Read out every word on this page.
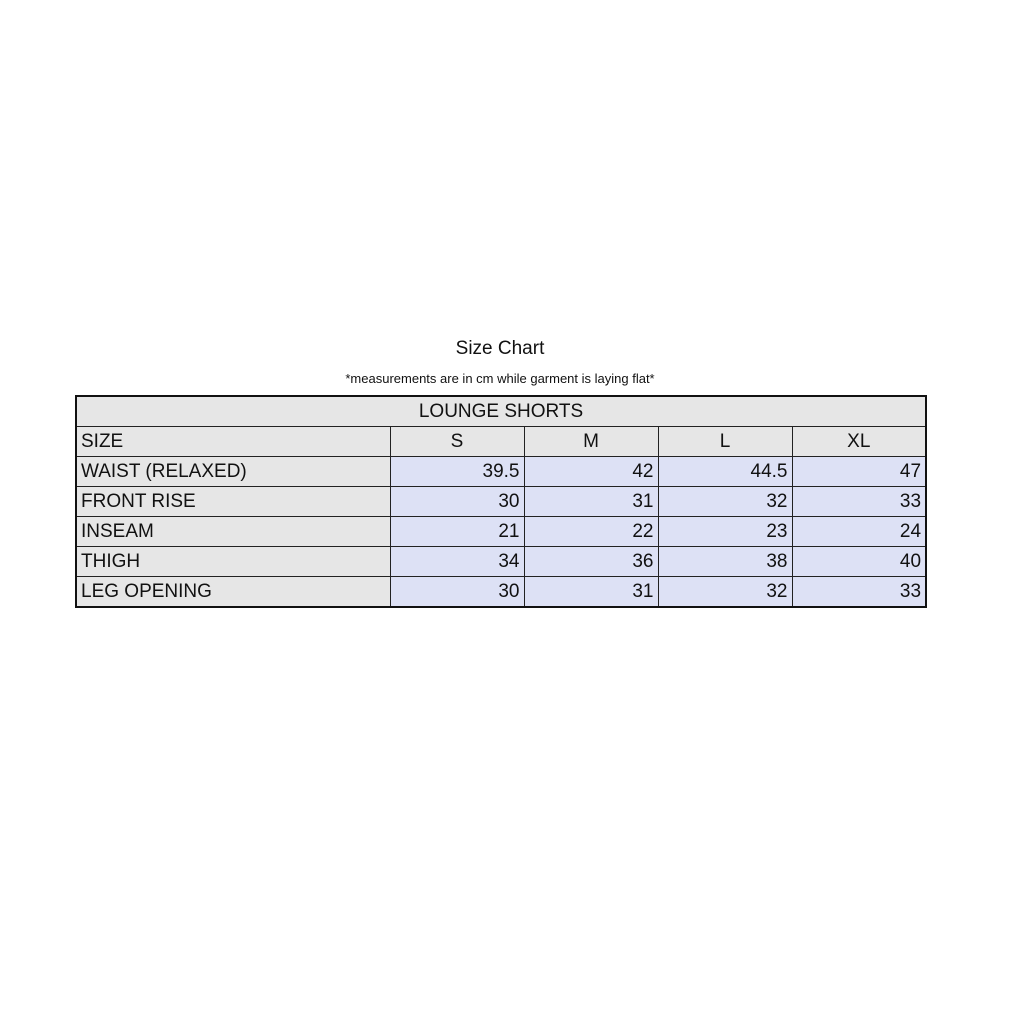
Size Chart
*measurements are in cm while garment is laying flat*
LOUNGE SHORTS				
SIZE	S	M	L	XL
WAIST (RELAXED)	39.5	42	44.5	47
FRONT RISE	30	31	32	33
INSEAM	21	22	23	24
THIGH	34	36	38	40
LEG OPENING	30	31	32	33
